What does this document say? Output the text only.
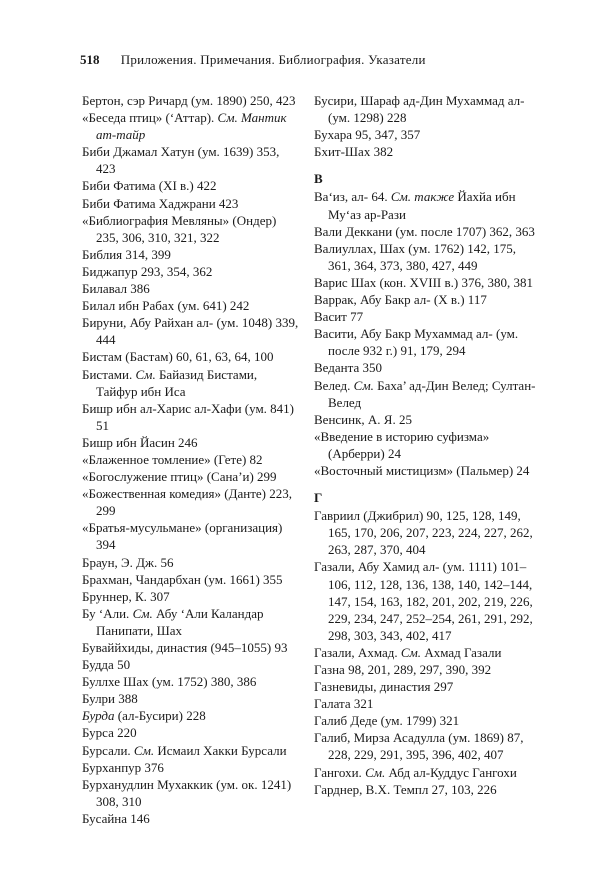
518 Приложения. Примечания. Библиография. Указатели
Бертон, сэр Ричард (ум. 1890) 250, 423
«Беседа птиц» (‘Аттар). См. Мантик ат-тайр
Биби Джамал Хатун (ум. 1639) 353, 423
Биби Фатима (XI в.) 422
Биби Фатима Хаджрани 423
«Библиография Мевляны» (Ондер) 235, 306, 310, 321, 322
Библия 314, 399
Биджапур 293, 354, 362
Билавал 386
Билал ибн Рабах (ум. 641) 242
Бируни, Абу Райхан ал- (ум. 1048) 339, 444
Бистам (Бастам) 60, 61, 63, 64, 100
Бистами. См. Байазид Бистами, Тайфур ибн Иса
Бишр ибн ал-Харис ал-Хафи (ум. 841) 51
Бишр ибн Йасин 246
«Блаженное томление» (Гете) 82
«Богослужение птиц» (Сана’и) 299
«Божественная комедия» (Данте) 223, 299
«Братья-мусульмане» (организация) 394
Браун, Э. Дж. 56
Брахман, Чандарбхан (ум. 1661) 355
Бруннер, К. 307
Бу ‘Али. См. Абу ‘Али Каландар Панипати, Шах
Буваййхиды, династия (945–1055) 93
Будда 50
Буллхе Шах (ум. 1752) 380, 386
Булри 388
Бурда (ал-Бусири) 228
Бурса 220
Бурсали. См. Исмаил Хакки Бурсали
Бурханпур 376
Бурханудлин Мухаккик (ум. ок. 1241) 308, 310
Бусайна 146
Бусири, Шараф ад-Дин Мухаммад ал- (ум. 1298) 228
Бухара 95, 347, 357
Бхит-Шах 382
В
Ва‘из, ал- 64. См. также Йахйа ибн Му‘аз ар-Рази
Вали Деккани (ум. после 1707) 362, 363
Валиуллах, Шах (ум. 1762) 142, 175, 361, 364, 373, 380, 427, 449
Варис Шах (кон. XVIII в.) 376, 380, 381
Варрак, Абу Бакр ал- (X в.) 117
Васит 77
Васити, Абу Бакр Мухаммад ал- (ум. после 932 г.) 91, 179, 294
Веданта 350
Велед. См. Баха’ ад-Дин Велед; Султан-Велед
Венсинк, А. Я. 25
«Введение в историю суфизма» (Арберри) 24
«Восточный мистицизм» (Пальмер) 24
Г
Гавриил (Джибрил) 90, 125, 128, 149, 165, 170, 206, 207, 223, 224, 227, 262, 263, 287, 370, 404
Газали, Абу Хамид ал- (ум. 1111) 101–106, 112, 128, 136, 138, 140, 142–144, 147, 154, 163, 182, 201, 202, 219, 226, 229, 234, 247, 252–254, 261, 291, 292, 298, 303, 343, 402, 417
Газали, Ахмад. См. Ахмад Газали
Газна 98, 201, 289, 297, 390, 392
Газневиды, династия 297
Галата 321
Галиб Деде (ум. 1799) 321
Галиб, Мирза Асадулла (ум. 1869) 87, 228, 229, 291, 395, 396, 402, 407
Гангохи. См. Абд ал-Куддус Гангохи
Гарднер, В.Х. Темпл 27, 103, 226
